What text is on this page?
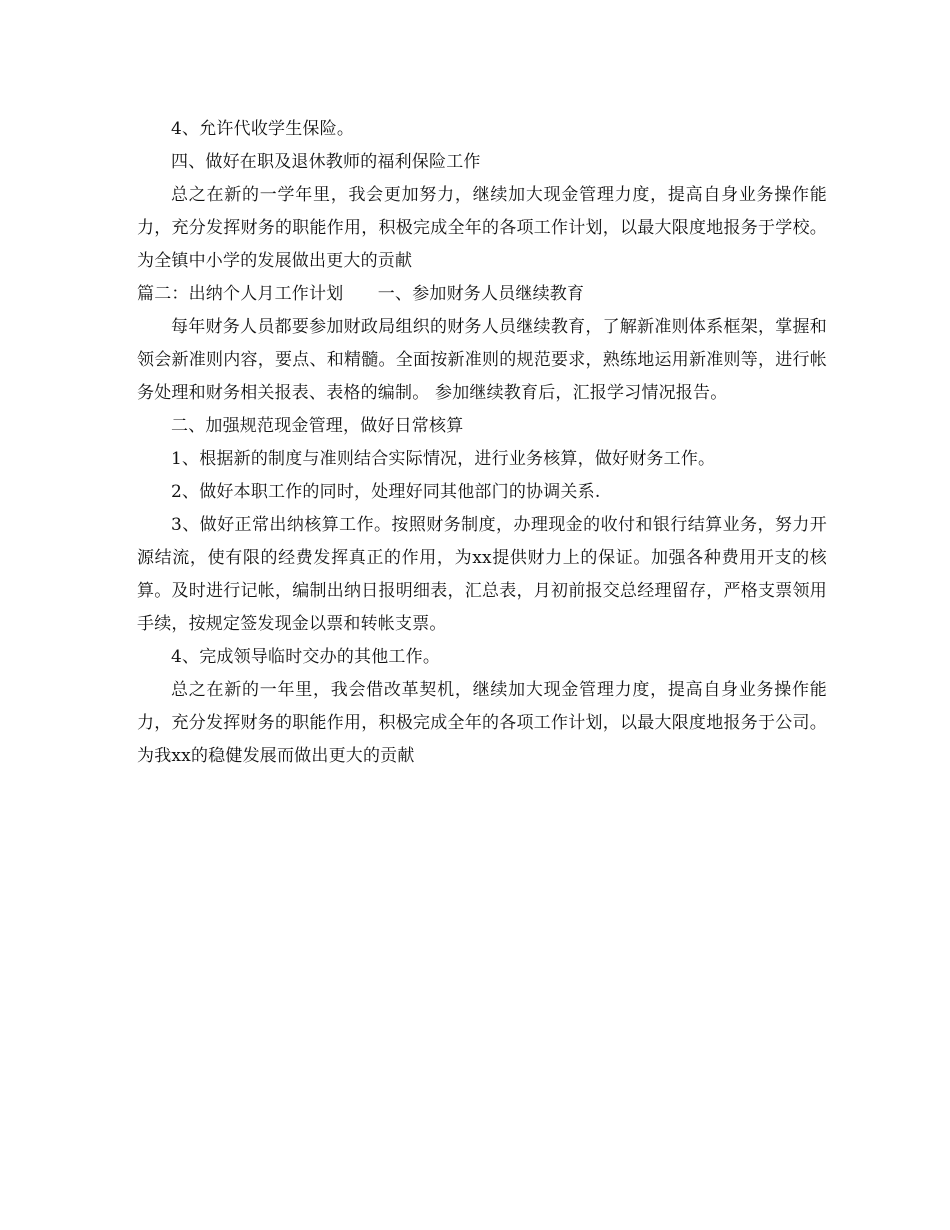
4、允许代收学生保险。

四、做好在职及退休教师的福利保险工作

总之在新的一学年里，我会更加努力，继续加大现金管理力度，提高自身业务操作能力，充分发挥财务的职能作用，积极完成全年的各项工作计划，以最大限度地报务于学校。为全镇中小学的发展做出更大的贡献

篇二：出纳个人月工作计划　　一、参加财务人员继续教育

每年财务人员都要参加财政局组织的财务人员继续教育，了解新准则体系框架，掌握和领会新准则内容，要点、和精髓。全面按新准则的规范要求，熟练地运用新准则等，进行帐务处理和财务相关报表、表格的编制。 参加继续教育后，汇报学习情况报告。

二、加强规范现金管理，做好日常核算

1、根据新的制度与准则结合实际情况，进行业务核算，做好财务工作。

2、做好本职工作的同时，处理好同其他部门的协调关系.

3、做好正常出纳核算工作。按照财务制度，办理现金的收付和银行结算业务，努力开源结流，使有限的经费发挥真正的作用，为xx提供财力上的保证。加强各种费用开支的核算。及时进行记帐，编制出纳日报明细表，汇总表，月初前报交总经理留存，严格支票领用手续，按规定签发现金以票和转帐支票。

4、完成领导临时交办的其他工作。

总之在新的一年里，我会借改革契机，继续加大现金管理力度，提高自身业务操作能力，充分发挥财务的职能作用，积极完成全年的各项工作计划，以最大限度地报务于公司。为我xx的稳健发展而做出更大的贡献
